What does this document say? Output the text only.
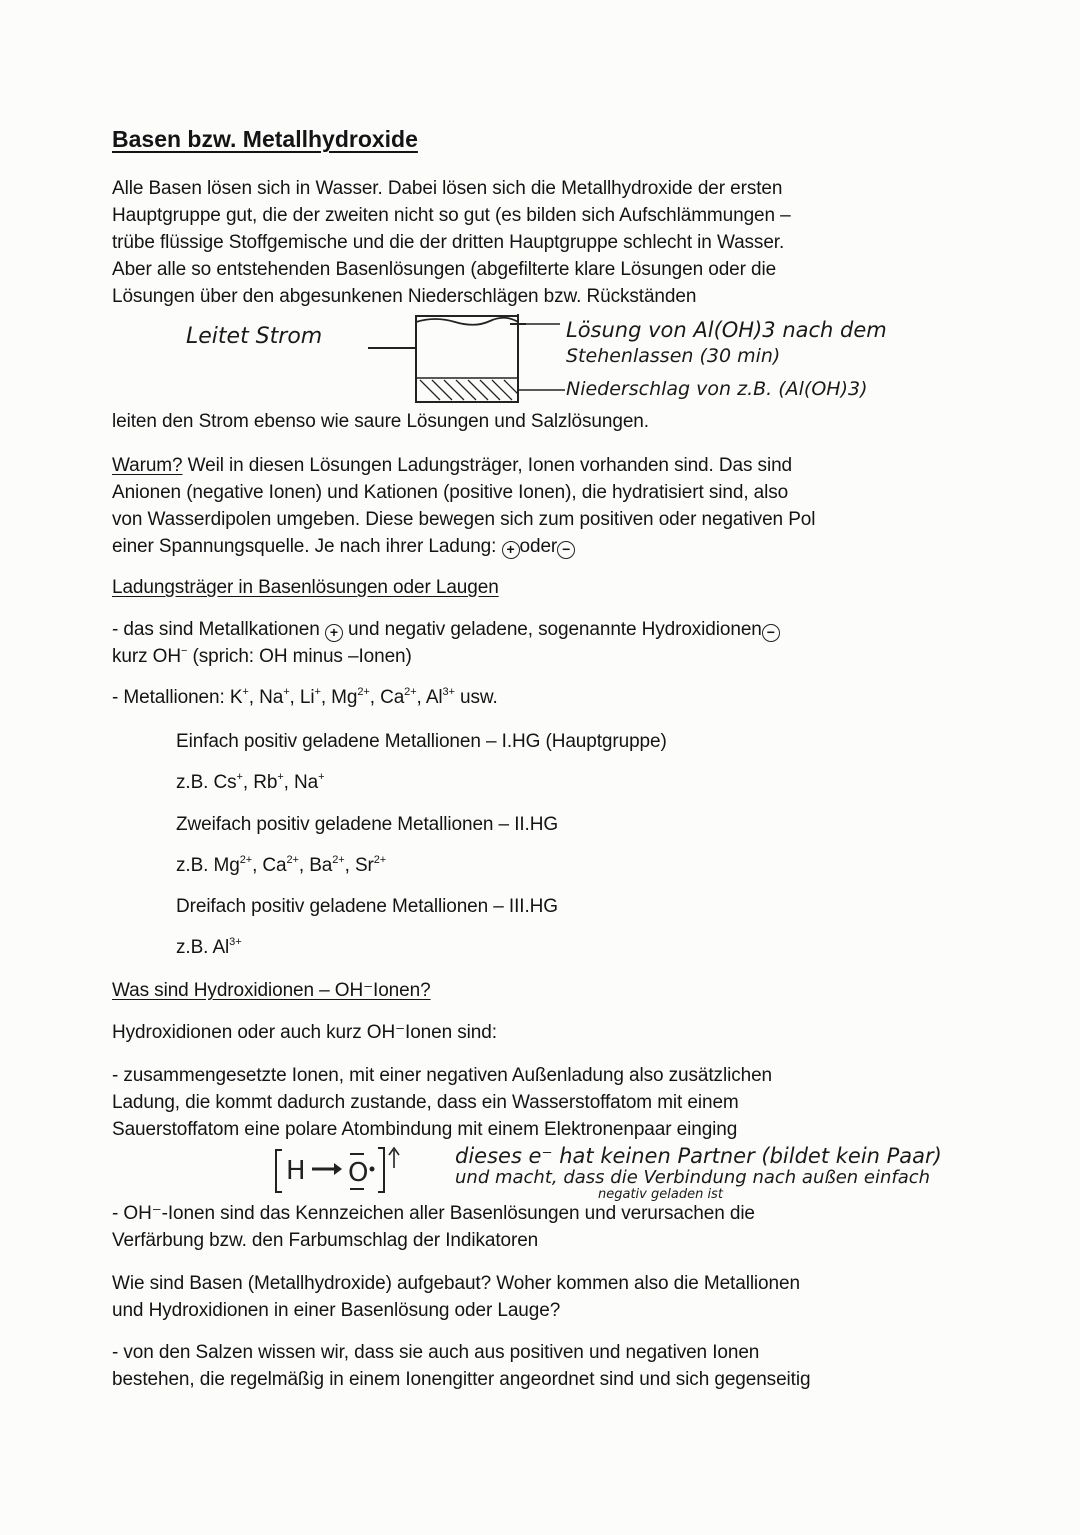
Basen bzw. Metallhydroxide
Alle Basen lösen sich in Wasser. Dabei lösen sich die Metallhydroxide der ersten
Hauptgruppe gut, die der zweiten nicht so gut (es bilden sich Aufschlämmungen –
trübe flüssige Stoffgemische und die der dritten Hauptgruppe schlecht in Wasser.
Aber alle so entstehenden Basenlösungen (abgefilterte klare Lösungen oder die
Lösungen über den abgesunkenen Niederschlägen bzw. Rückständen
Leitet Strom	Lösung von Al(OH)3 nach dem
Stehenlassen (30 min)
Niederschlag von z.B. (Al(OH)3)
leiten den Strom ebenso wie saure Lösungen und Salzlösungen.
Warum? Weil in diesen Lösungen Ladungsträger, Ionen vorhanden sind. Das sind
Anionen (negative Ionen) und Kationen (positive Ionen), die hydratisiert sind, also
von Wasserdipolen umgeben. Diese bewegen sich zum positiven oder negativen Pol
einer Spannungsquelle. Je nach ihrer Ladung: + oder −
Ladungsträger in Basenlösungen oder Laugen
- das sind Metallkationen + und negativ geladene, sogenannte Hydroxidionen −
kurz OH− (sprich: OH minus –Ionen)
- Metallionen: K+, Na+, Li+, $Mg^{2+}$, $Ca^{2+}$, $Al^{3+}$ usw.
Einfach positiv geladene Metallionen – I.HG (Hauptgruppe)
z.B. Cs+, Rb+, Na+
Zweifach positiv geladene Metallionen – II.HG
z.B. $Mg^{2+}$, $Ca^{2+}$, $Ba^{2+}$, $Sr^{2+}$
Dreifach positiv geladene Metallionen – III.HG
z.B. $Al^{3+}$
Was sind Hydroxidionen – OH⁻Ionen?
Hydroxidionen oder auch kurz OH⁻Ionen sind:
- zusammengesetzte Ionen, mit einer negativen Außenladung also zusätzlichen
Ladung, die kommt dadurch zustande, dass ein Wasserstoffatom mit einem
Sauerstoffatom eine polare Atombindung mit einem Elektronenpaar einging
H O
dieses e⁻ hat keinen Partner (bildet kein Paar)
und macht, dass die Verbindung nach außen einfach
negativ geladen ist
- OH⁻-Ionen sind das Kennzeichen aller Basenlösungen und verursachen die
Verfärbung bzw. den Farbumschlag der Indikatoren
Wie sind Basen (Metallhydroxide) aufgebaut? Woher kommen also die Metallionen
und Hydroxidionen in einer Basenlösung oder Lauge?
- von den Salzen wissen wir, dass sie auch aus positiven und negativen Ionen
bestehen, die regelmäßig in einem Ionengitter angeordnet sind und sich gegenseitig
